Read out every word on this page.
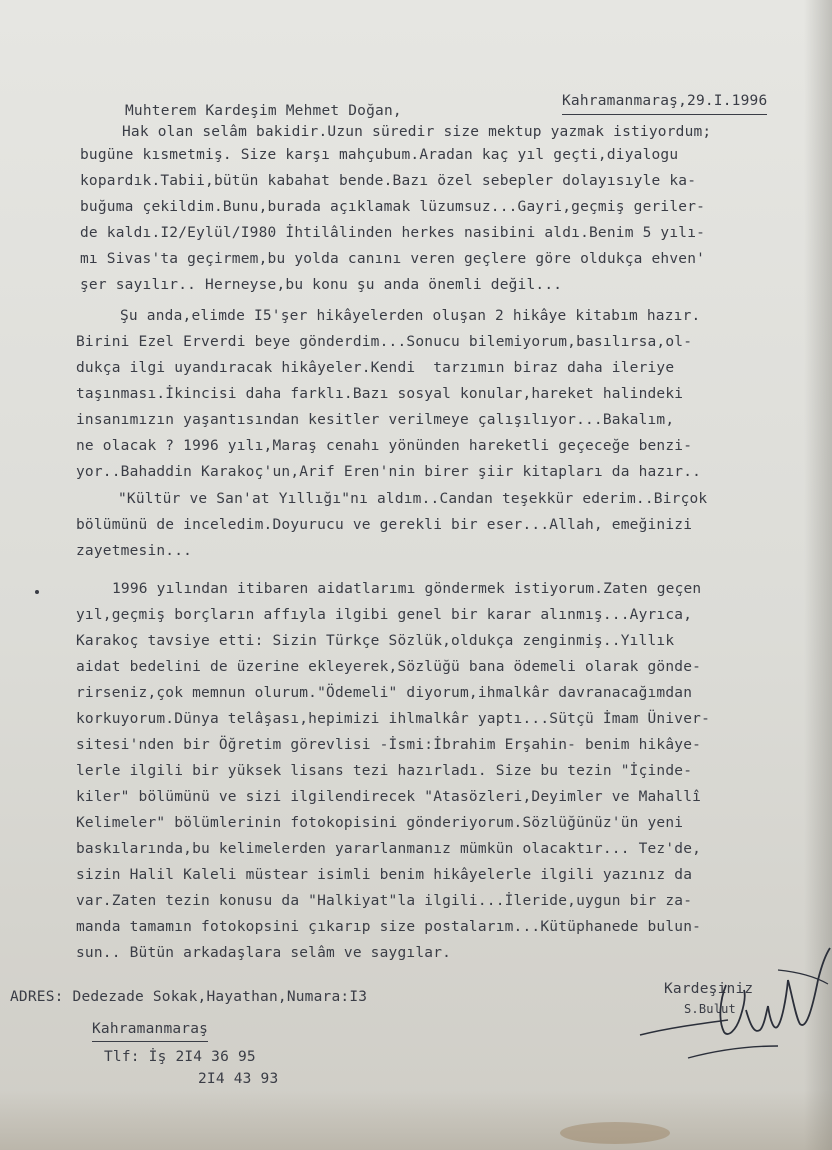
Kahramanmaraş,29.I.1996

Muhterem Kardeşim Mehmet Doğan,

Hak olan selâm bakidir.Uzun süredir size mektup yazmak istiyordum;

bugüne kısmetmiş. Size karşı mahçubum.Aradan kaç yıl geçti,diyalogu

kopardık.Tabii,bütün kabahat bende.Bazı özel sebepler dolayısıyle ka-

buğuma çekildim.Bunu,burada açıklamak lüzumsuz...Gayri,geçmiş geriler-

de kaldı.I2/Eylül/I980 İhtilâlinden herkes nasibini aldı.Benim 5 yılı-

mı Sivas'ta geçirmem,bu yolda canını veren geçlere göre oldukça ehven'

şer sayılır.. Herneyse,bu konu şu anda önemli değil...

Şu anda,elimde I5'şer hikâyelerden oluşan 2 hikâye kitabım hazır.

Birini Ezel Erverdi beye gönderdim...Sonucu bilemiyorum,basılırsa,ol-

dukça ilgi uyandıracak hikâyeler.Kendi  tarzımın biraz daha ileriye

taşınması.İkincisi daha farklı.Bazı sosyal konular,hareket halindeki

insanımızın yaşantısından kesitler verilmeye çalışılıyor...Bakalım,

ne olacak ? 1996 yılı,Maraş cenahı yönünden hareketli geçeceğe benzi-

yor..Bahaddin Karakoç'un,Arif Eren'nin birer şiir kitapları da hazır..

"Kültür ve San'at Yıllığı"nı aldım..Candan teşekkür ederim..Birçok

bölümünü de inceledim.Doyurucu ve gerekli bir eser...Allah, emeğinizi

zayetmesin...

1996 yılından itibaren aidatlarımı göndermek istiyorum.Zaten geçen

yıl,geçmiş borçların affıyla ilgibi genel bir karar alınmış...Ayrıca,

Karakoç tavsiye etti: Sizin Türkçe Sözlük,oldukça zenginmiş..Yıllık

aidat bedelini de üzerine ekleyerek,Sözlüğü bana ödemeli olarak gönde-

rirseniz,çok memnun olurum."Ödemeli" diyorum,ihmalkâr davranacağımdan

korkuyorum.Dünya telâşası,hepimizi ihlmalkâr yaptı...Sütçü İmam Üniver-

sitesi'nden bir Öğretim görevlisi -İsmi:İbrahim Erşahin- benim hikâye-

lerle ilgili bir yüksek lisans tezi hazırladı. Size bu tezin "İçinde-

kiler" bölümünü ve sizi ilgilendirecek "Atasözleri,Deyimler ve Mahallî

Kelimeler" bölümlerinin fotokopisini gönderiyorum.Sözlüğünüz'ün yeni

baskılarında,bu kelimelerden yararlanmanız mümkün olacaktır... Tez'de,

sizin Halil Kaleli müstear isimli benim hikâyelerle ilgili yazınız da

var.Zaten tezin konusu da "Halkiyat"la ilgili...İleride,uygun bir za-

manda tamamın fotokopsini çıkarıp size postalarım...Kütüphanede bulun-

sun.. Bütün arkadaşlara selâm ve saygılar.

ADRES: Dedezade Sokak,Hayathan,Numara:I3

Kahramanmaraş

Tlf: İş 2I4 36 95

2I4 43 93

Kardeşiniz

S.Bulut
